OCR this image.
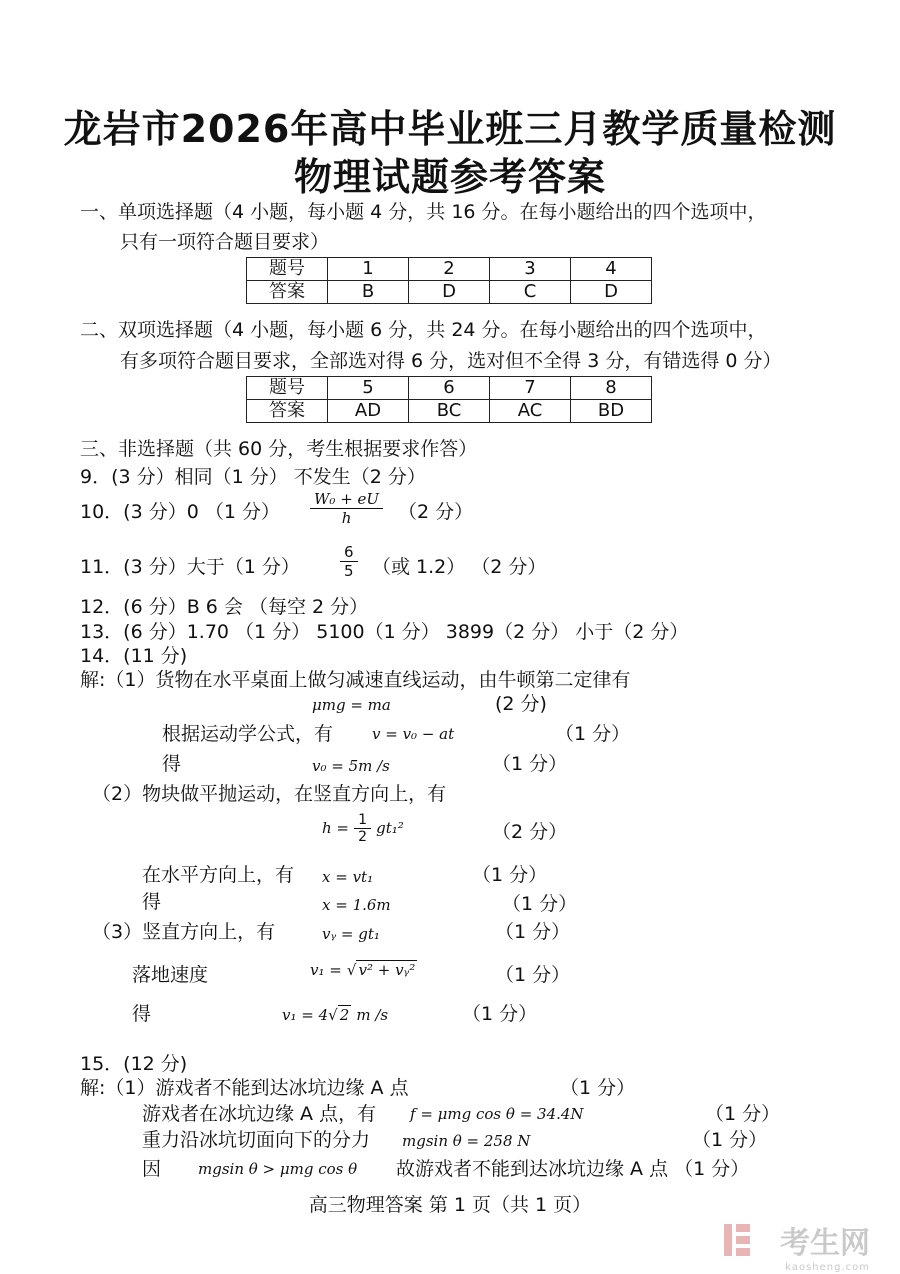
龙岩市2026年高中毕业班三月教学质量检测
物理试题参考答案
一、单项选择题（4 小题，每小题 4 分，共 16 分。在每小题给出的四个选项中，
只有一项符合题目要求）
题号	1	2	3	4
答案	B	D	C	D
二、双项选择题（4 小题，每小题 6 分，共 24 分。在每小题给出的四个选项中，
有多项符合题目要求，全部选对得 6 分，选对但不全得 3 分，有错选得 0 分）
题号	5	6	7	8
答案	AD	BC	AC	BD
三、非选择题（共 60 分，考生根据要求作答）
9．(3 分）相同（1 分） 不发生（2 分）
10．(3 分）0 （1 分） $\frac{\text{W₀ + eU}}{h} (2$ 分）
11．(3 分）大于（1 分）	$\frac{6}{5}$ （或 1.2） （2 分）
12．(6 分）B 6 会 （每空 2 分）
13．(6 分）1.70 （1 分） 5100（1 分） 3899（2 分） 小于（2 分）
14．(11 分)
解:（1）货物在水平桌面上做匀减速直线运动，由牛顿第二定律有
μmg = ma	(2 分)
根据运动学公式，有	v = v₀ − at	（1 分）
得	v₀ = 5m /s	（1 分）
（2）物块做平抛运动，在竖直方向上，有
$h = \frac{1}{2} gt_1^2$	（2 分）
在水平方向上，有 x = vt₁	（1 分）
得	x = 1.6m	（1 分）
（3）竖直方向上，有	vᵧ = gt₁	（1 分）
落地速度	v₁ = √ v² + vᵧ²	（1 分）
得	v₁ = 4√ 2 m /s	（1 分）
15．(12 分)
解:（1）游戏者不能到达冰坑边缘 A 点	（1 分）
游戏者在冰坑边缘 A 点，有 f = μmg cos θ = 34.4N	（1 分）
重力沿冰坑切面向下的分力 mgsin θ = 258 N	（1 分）
因 mgsin θ > μmg cos θ 故游戏者不能到达冰坑边缘 A 点 （1 分）
高三物理答案 第 1 页（共 1 页）
考生网
kaosheng.com
